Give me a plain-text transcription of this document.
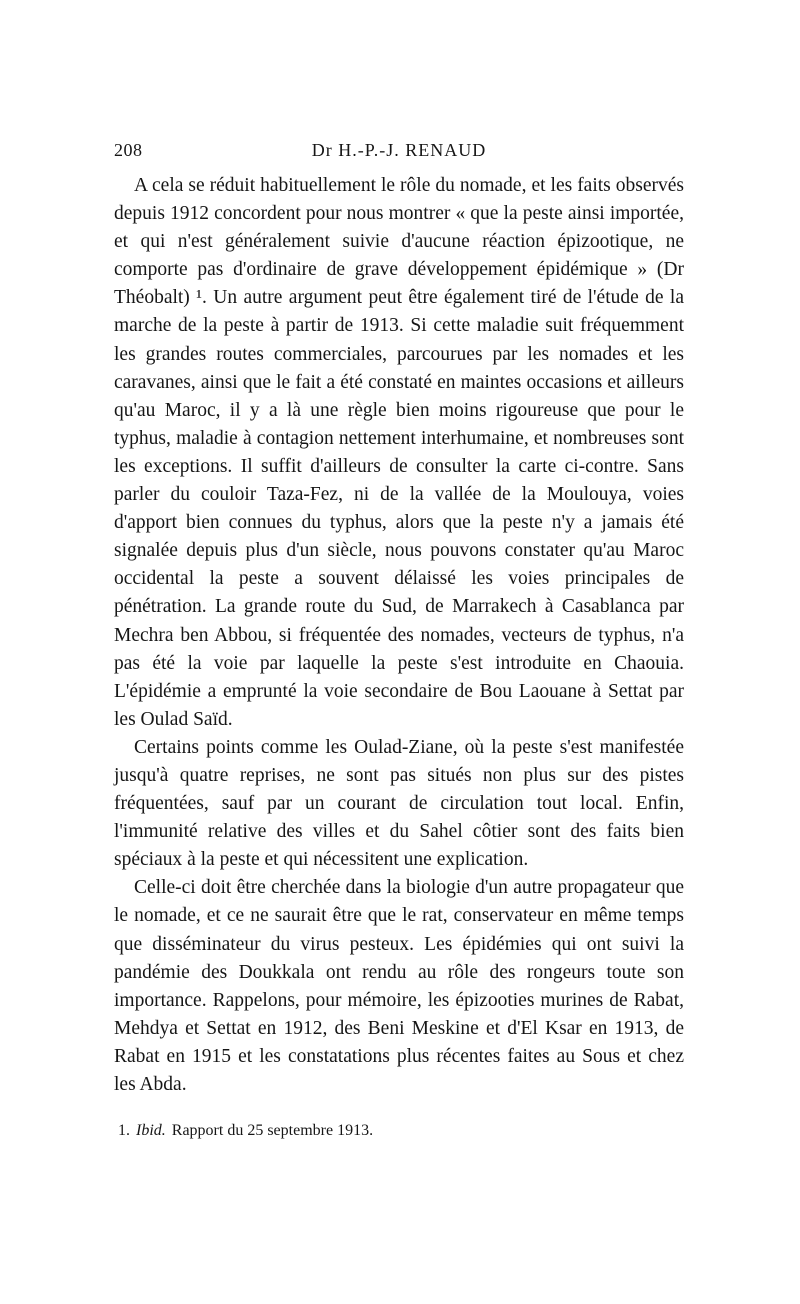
208	Dr H.-P.-J. RENAUD

A cela se réduit habituellement le rôle du nomade, et les faits observés depuis 1912 concordent pour nous montrer « que la peste ainsi importée, et qui n'est généralement suivie d'aucune réaction épizootique, ne comporte pas d'ordinaire de grave développement épidémique » (Dr Théobalt) ¹. Un autre argument peut être également tiré de l'étude de la marche de la peste à partir de 1913. Si cette maladie suit fréquemment les grandes routes commerciales, parcourues par les nomades et les caravanes, ainsi que le fait a été constaté en maintes occasions et ailleurs qu'au Maroc, il y a là une règle bien moins rigoureuse que pour le typhus, maladie à contagion nettement interhumaine, et nombreuses sont les exceptions. Il suffit d'ailleurs de consulter la carte ci-contre. Sans parler du couloir Taza-Fez, ni de la vallée de la Moulouya, voies d'apport bien connues du typhus, alors que la peste n'y a jamais été signalée depuis plus d'un siècle, nous pouvons constater qu'au Maroc occidental la peste a souvent délaissé les voies principales de pénétration. La grande route du Sud, de Marrakech à Casablanca par Mechra ben Abbou, si fréquentée des nomades, vecteurs de typhus, n'a pas été la voie par laquelle la peste s'est introduite en Chaouia. L'épidémie a emprunté la voie secondaire de Bou Laouane à Settat par les Oulad Saïd.

Certains points comme les Oulad-Ziane, où la peste s'est manifestée jusqu'à quatre reprises, ne sont pas situés non plus sur des pistes fréquentées, sauf par un courant de circulation tout local. Enfin, l'immunité relative des villes et du Sahel côtier sont des faits bien spéciaux à la peste et qui nécessitent une explication.

Celle-ci doit être cherchée dans la biologie d'un autre propagateur que le nomade, et ce ne saurait être que le rat, conservateur en même temps que disséminateur du virus pesteux. Les épidémies qui ont suivi la pandémie des Doukkala ont rendu au rôle des rongeurs toute son importance. Rappelons, pour mémoire, les épizooties murines de Rabat, Mehdya et Settat en 1912, des Beni Meskine et d'El Ksar en 1913, de Rabat en 1915 et les constatations plus récentes faites au Sous et chez les Abda.

1. Ibid. Rapport du 25 septembre 1913.
